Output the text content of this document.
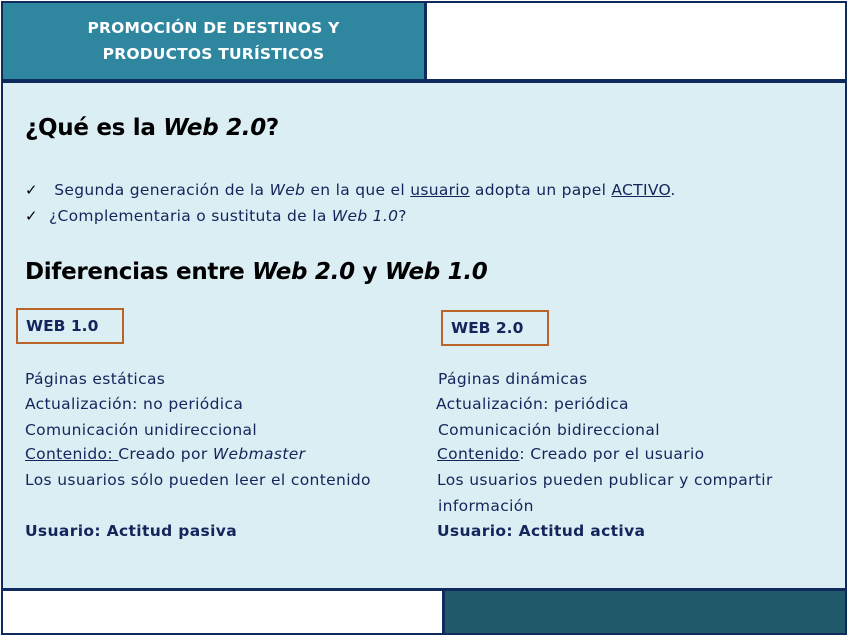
PROMOCIÓN DE DESTINOS Y
PRODUCTOS TURÍSTICOS
¿Qué es la Web 2.0?
✓ Segunda generación de la Web en la que el usuario adopta un papel ACTIVO.
✓ ¿Complementaria o sustituta de la Web 1.0?
Diferencias entre Web 2.0 y Web 1.0
WEB 1.0	WEB 2.0
Páginas estáticas
Actualización: no periódica
Comunicación unidireccional
Contenido: Creado por Webmaster
Los usuarios sólo pueden leer el contenido
Usuario: Actitud pasiva
Páginas dinámicas
Actualización: periódica
Comunicación bidireccional
Contenido: Creado por el usuario
Los usuarios pueden publicar y compartir
información
Usuario: Actitud activa
